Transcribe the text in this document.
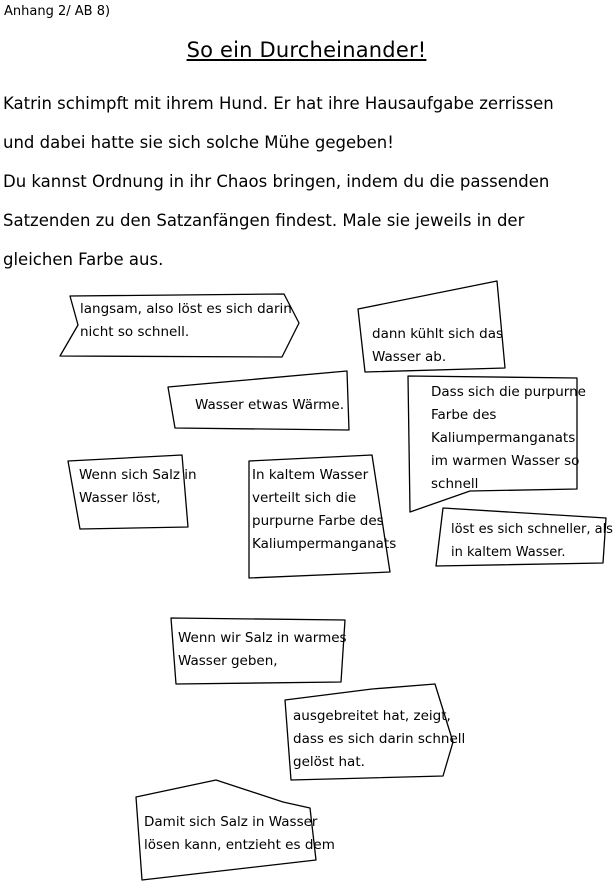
Anhang 2/ AB 8)
So ein Durcheinander!

Katrin schimpft mit ihrem Hund. Er hat ihre Hausaufgabe zerrissen

und dabei hatte sie sich solche Mühe gegeben!

Du kannst Ordnung in ihr Chaos bringen, indem du die passenden

Satzenden zu den Satzanfängen findest. Male sie jeweils in der

gleichen Farbe aus.

langsam, also löst es sich darin

nicht so schnell.	dann kühlt sich das

Wasser ab.

Wasser etwas Wärme.

Dass sich die purpurne

Farbe des

Kaliumpermanganats

im warmen Wasser so

schnell

Wenn sich Salz in

Wasser löst,

In kaltem Wasser

verteilt sich die

purpurne Farbe des

Kaliumpermanganats

löst es sich schneller, als

in kaltem Wasser.

Wenn wir Salz in warmes

Wasser geben,

ausgebreitet hat, zeigt,

dass es sich darin schnell

gelöst hat.

Damit sich Salz in Wasser

lösen kann, entzieht es dem
